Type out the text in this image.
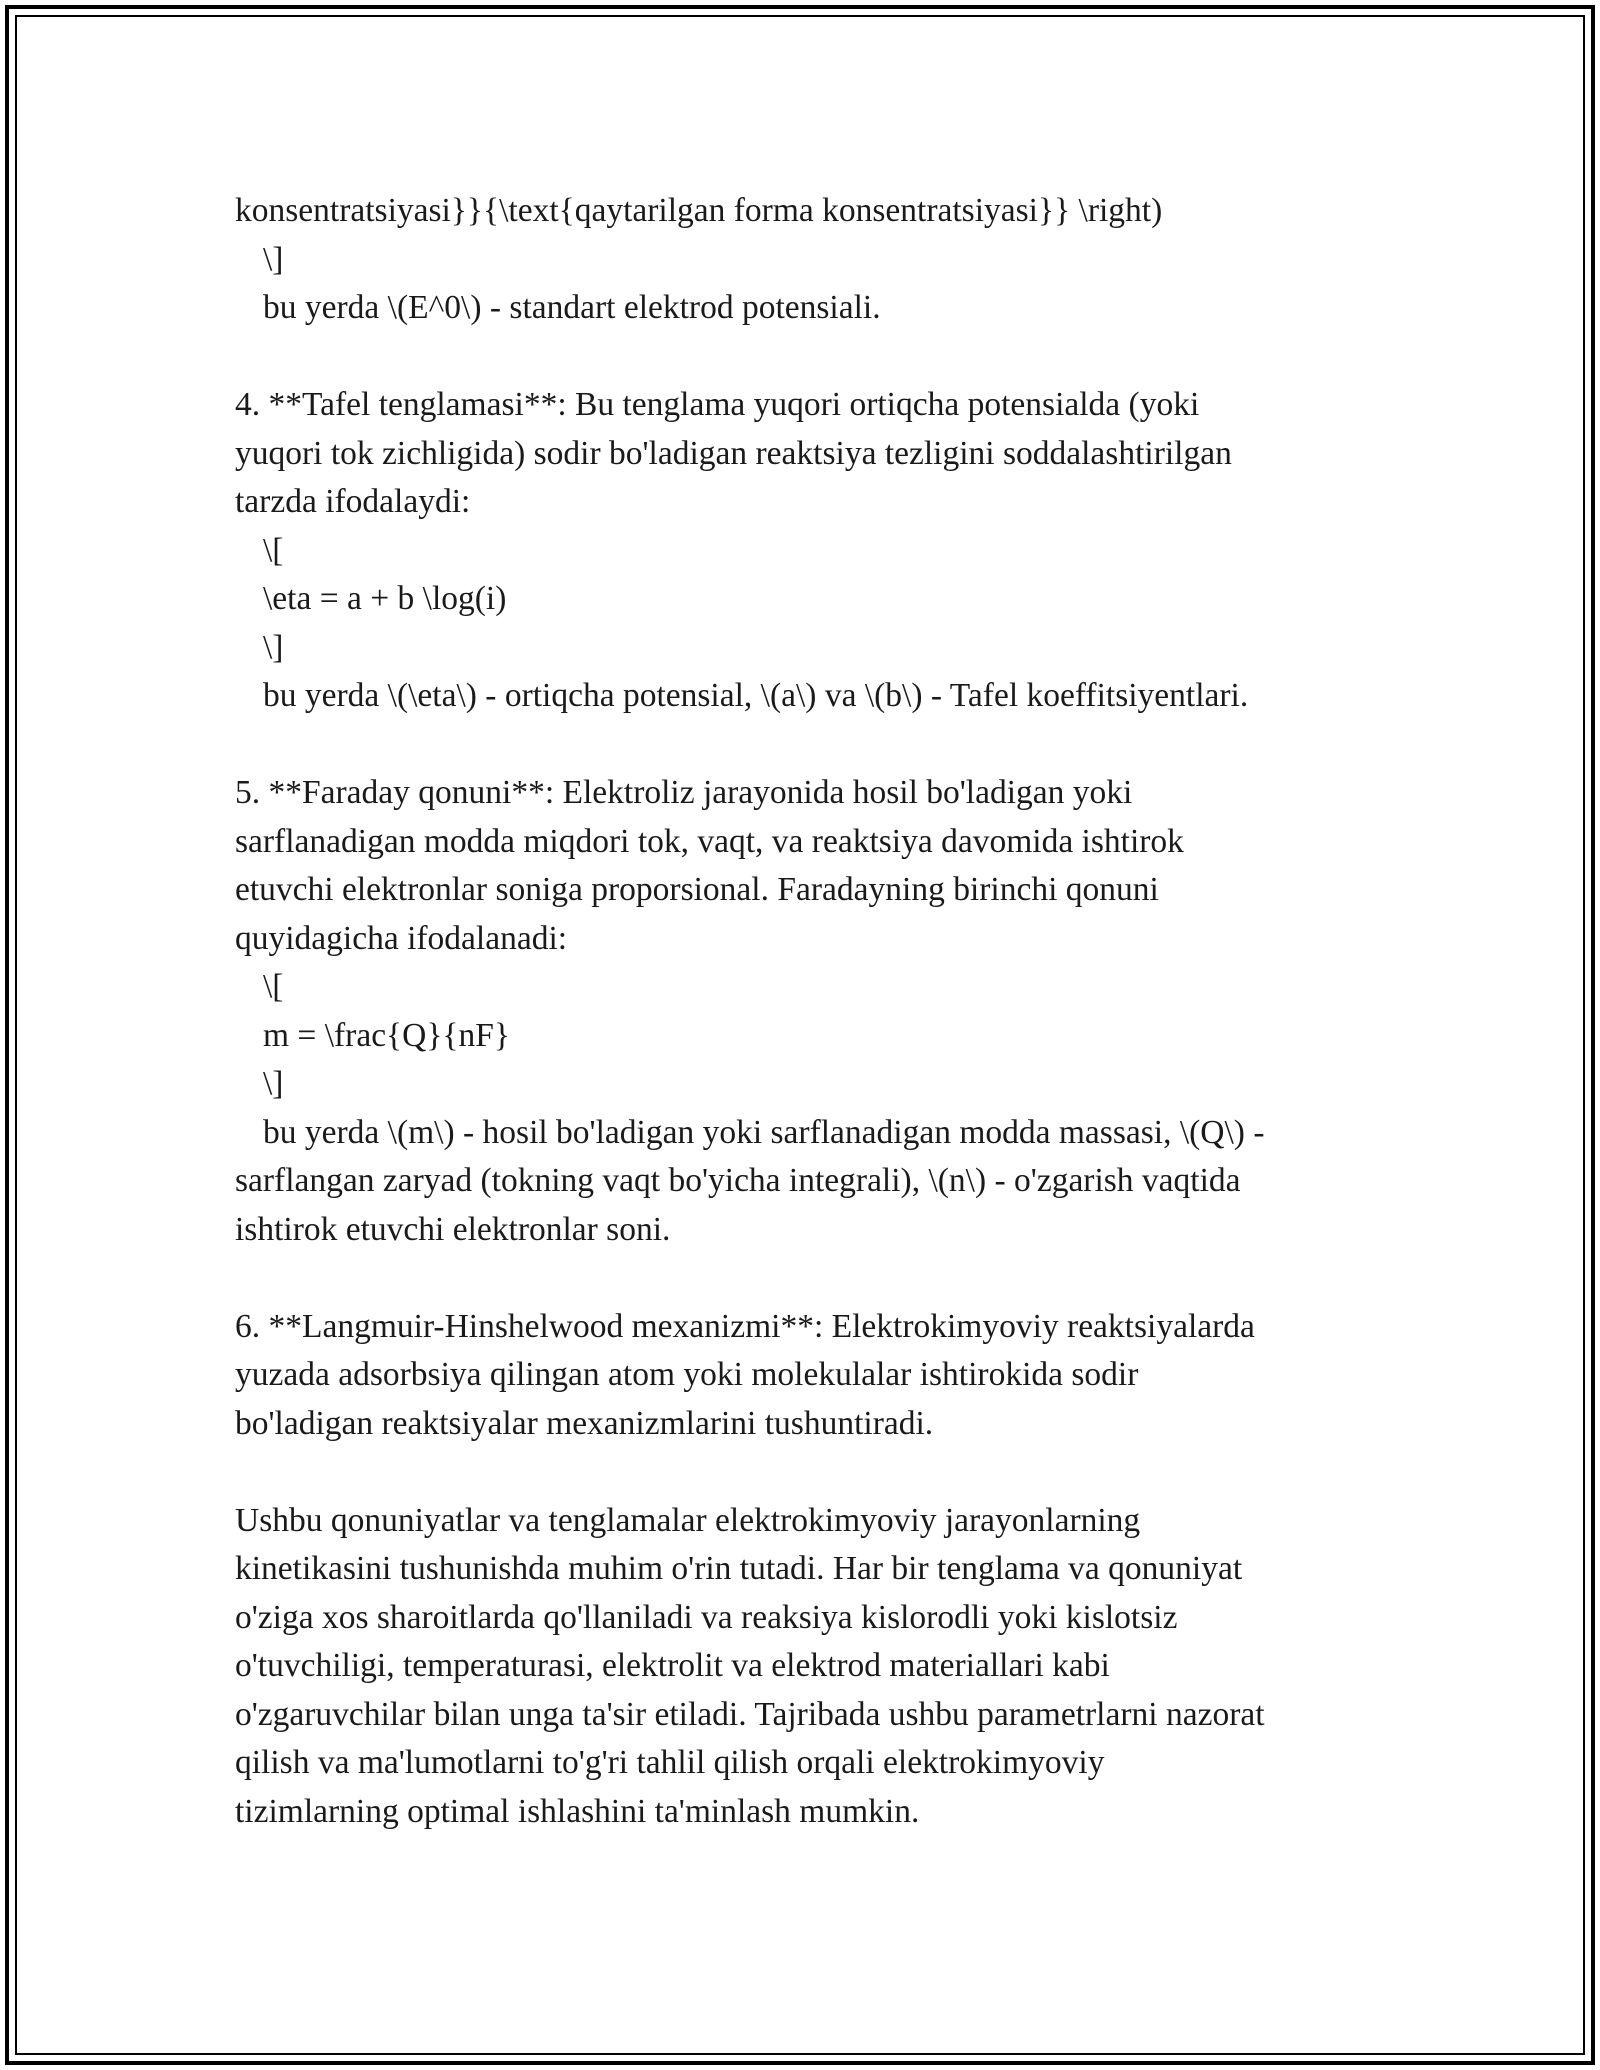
konsentratsiyasi}}{\text{qaytarilgan forma konsentratsiyasi}} \right)
\]
bu yerda \(E^0\) - standart elektrod potensiali.
4. **Tafel tenglamasi**: Bu tenglama yuqori ortiqcha potensialda (yoki
yuqori tok zichligida) sodir bo'ladigan reaktsiya tezligini soddalashtirilgan
tarzda ifodalaydi:
\[
\eta = a + b \log(i)
\]
bu yerda \(\eta\) - ortiqcha potensial, \(a\) va \(b\) - Tafel koeffitsiyentlari.
5. **Faraday qonuni**: Elektroliz jarayonida hosil bo'ladigan yoki
sarflanadigan modda miqdori tok, vaqt, va reaktsiya davomida ishtirok
etuvchi elektronlar soniga proporsional. Faradayning birinchi qonuni
quyidagicha ifodalanadi:
\[
m = \frac{Q}{nF}
\]
bu yerda \(m\) - hosil bo'ladigan yoki sarflanadigan modda massasi, \(Q\) -
sarflangan zaryad (tokning vaqt bo'yicha integrali), \(n\) - o'zgarish vaqtida
ishtirok etuvchi elektronlar soni.
6. **Langmuir-Hinshelwood mexanizmi**: Elektrokimyoviy reaktsiyalarda
yuzada adsorbsiya qilingan atom yoki molekulalar ishtirokida sodir
bo'ladigan reaktsiyalar mexanizmlarini tushuntiradi.
Ushbu qonuniyatlar va tenglamalar elektrokimyoviy jarayonlarning
kinetikasini tushunishda muhim o'rin tutadi. Har bir tenglama va qonuniyat
o'ziga xos sharoitlarda qo'llaniladi va reaksiya kislorodli yoki kislotsiz
o'tuvchiligi, temperaturasi, elektrolit va elektrod materiallari kabi
o'zgaruvchilar bilan unga ta'sir etiladi. Tajribada ushbu parametrlarni nazorat
qilish va ma'lumotlarni to'g'ri tahlil qilish orqali elektrokimyoviy
tizimlarning optimal ishlashini ta'minlash mumkin.
